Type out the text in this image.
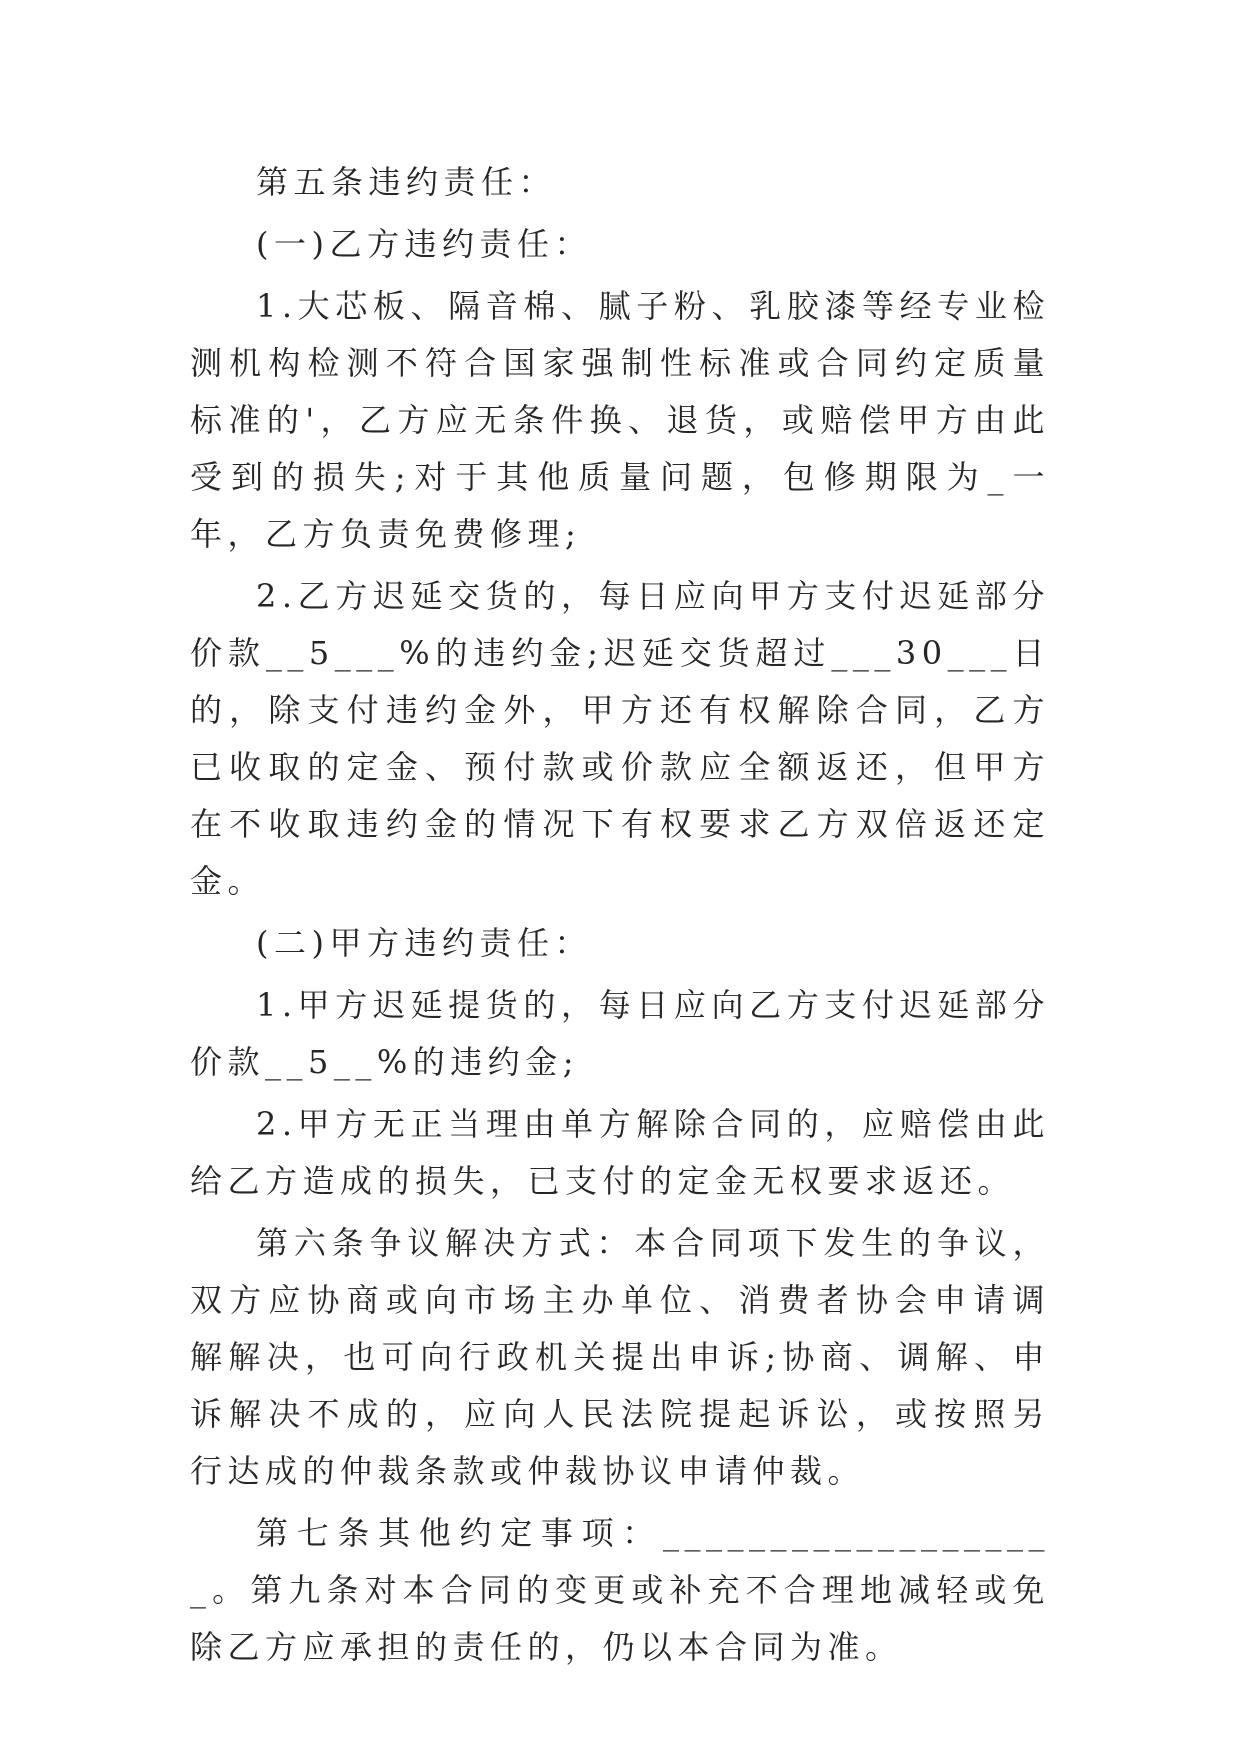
第五条违约责任：

(一)乙方违约责任：

1.大芯板、隔音棉、腻子粉、乳胶漆等经专业检测机构检测不符合国家强制性标准或合同约定质量标准的'，乙方应无条件换、退货，或赔偿甲方由此受到的损失;对于其他质量问题，包修期限为_一年，乙方负责免费修理;

2.乙方迟延交货的，每日应向甲方支付迟延部分价款__5___%的违约金;迟延交货超过___30___日的，除支付违约金外，甲方还有权解除合同，乙方已收取的定金、预付款或价款应全额返还，但甲方在不收取违约金的情况下有权要求乙方双倍返还定金。

(二)甲方违约责任：

1.甲方迟延提货的，每日应向乙方支付迟延部分价款__5__%的违约金;

2.甲方无正当理由单方解除合同的，应赔偿由此给乙方造成的损失，已支付的定金无权要求返还。

第六条争议解决方式：本合同项下发生的争议，双方应协商或向市场主办单位、消费者协会申请调解解决，也可向行政机关提出申诉;协商、调解、申诉解决不成的，应向人民法院提起诉讼，或按照另行达成的仲裁条款或仲裁协议申请仲裁。

第七条其他约定事项：___________________。第九条对本合同的变更或补充不合理地减轻或免除乙方应承担的责任的，仍以本合同为准。
